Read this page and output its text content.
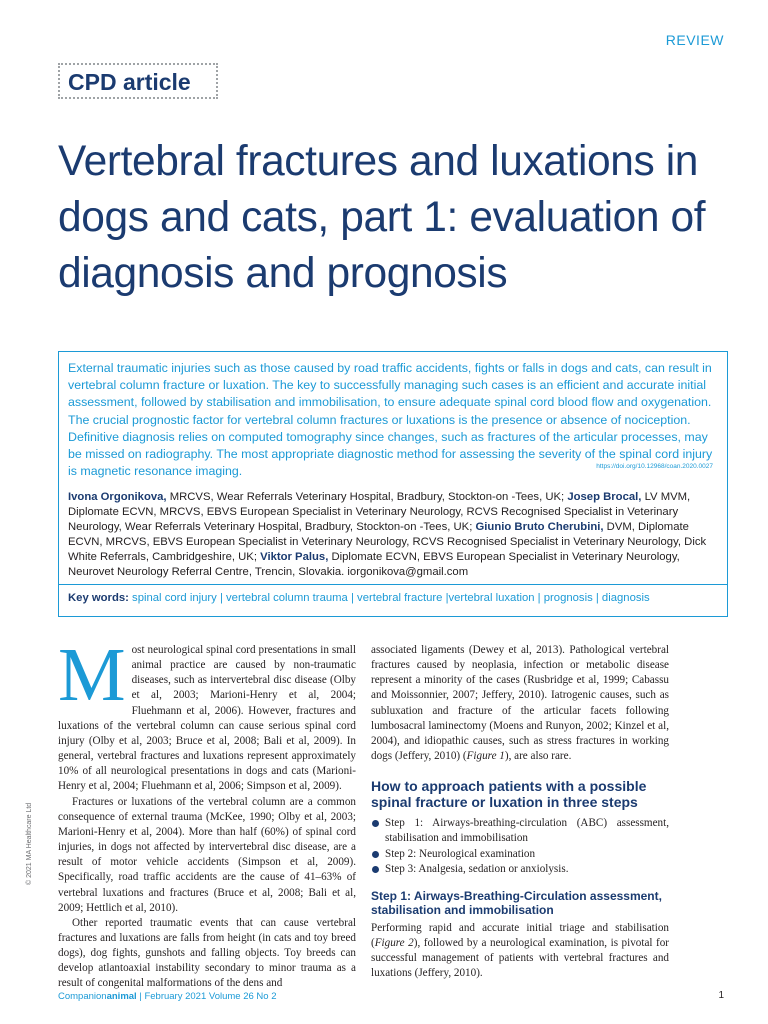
REVIEW
CPD article
Vertebral fractures and luxations in dogs and cats, part 1: evaluation of diagnosis and prognosis

External traumatic injuries such as those caused by road traffic accidents, fights or falls in dogs and cats, can result in vertebral column fracture or luxation. The key to successfully managing such cases is an efficient and accurate initial assessment, followed by stabilisation and immobilisation, to ensure adequate spinal cord blood flow and oxygenation. The crucial prognostic factor for vertebral column fractures or luxations is the presence or absence of nociception. Definitive diagnosis relies on computed tomography since changes, such as fractures of the articular processes, may be missed on radiography. The most appropriate diagnostic method for assessing the severity of the spinal cord injury is magnetic resonance imaging.	https://doi.org/10.12968/coan.2020.0027

Ivona Orgonikova, MRCVS, Wear Referrals Veterinary Hospital, Bradbury, Stockton-on -Tees, UK; Josep Brocal, LV MVM, Diplomate ECVN, MRCVS, EBVS European Specialist in Veterinary Neurology, RCVS Recognised Specialist in Veterinary Neurology, Wear Referrals Veterinary Hospital, Bradbury, Stockton-on -Tees, UK; Giunio Bruto Cherubini, DVM, Diplomate ECVN, MRCVS, EBVS European Specialist in Veterinary Neurology, RCVS Recognised Specialist in Veterinary Neurology, Dick White Referrals, Cambridgeshire, UK; Viktor Palus, Diplomate ECVN, EBVS European Specialist in Veterinary Neurology, Neurovet Neurology Referral Centre, Trencin, Slovakia. iorgonikova@gmail.com

Key words: spinal cord injury | vertebral column trauma | vertebral fracture |vertebral luxation | prognosis | diagnosis

M ost neurological spinal cord presentations in small animal practice are caused by non-traumatic diseases, such as intervertebral disc disease (Olby et al, 2003; Marioni-Henry et al, 2004; Fluehmann et al, 2006). However, fractures and luxations of the vertebral column can cause serious spinal cord injury (Olby et al, 2003; Bruce et al, 2008; Bali et al, 2009). In general, vertebral fractures and luxations represent approximately 10% of all neurological presentations in dogs and cats (Marioni-Henry et al, 2004; Fluehmann et al, 2006; Simpson et al, 2009).

Fractures or luxations of the vertebral column are a common consequence of external trauma (McKee, 1990; Olby et al, 2003; Marioni-Henry et al, 2004). More than half (60%) of spinal cord injuries, in dogs not affected by intervertebral disc disease, are a result of motor vehicle accidents (Simpson et al, 2009). Specifically, road traffic accidents are the cause of 41–63% of vertebral luxations and fractures (Bruce et al, 2008; Bali et al, 2009; Hettlich et al, 2010).

Other reported traumatic events that can cause vertebral fractures and luxations are falls from height (in cats and toy breed dogs), dog fights, gunshots and falling objects. Toy breeds can develop atlantoaxial instability secondary to minor trauma as a result of congenital malformations of the dens and

associated ligaments (Dewey et al, 2013). Pathological vertebral fractures caused by neoplasia, infection or metabolic disease represent a minority of the cases (Rusbridge et al, 1999; Cabassu and Moissonnier, 2007; Jeffery, 2010). Iatrogenic causes, such as subluxation and fracture of the articular facets following lumbosacral laminectomy (Moens and Runyon, 2002; Kinzel et al, 2004), and idiopathic causes, such as stress fractures in working dogs (Jeffery, 2010) (Figure 1), are also rare.

How to approach patients with a possible spinal fracture or luxation in three steps
Step 1: Airways-breathing-circulation (ABC) assessment, stabilisation and immobilisation
Step 2: Neurological examination
Step 3: Analgesia, sedation or anxiolysis.
Step 1: Airways-Breathing-Circulation assessment, stabilisation and immobilisation

Performing rapid and accurate initial triage and stabilisation (Figure 2), followed by a neurological examination, is pivotal for successful management of patients with vertebral fractures and luxations (Jeffery, 2010).

© 2021 MA Healthcare Ltd
Companionanimal | February 2021 Volume 26 No 2	1
